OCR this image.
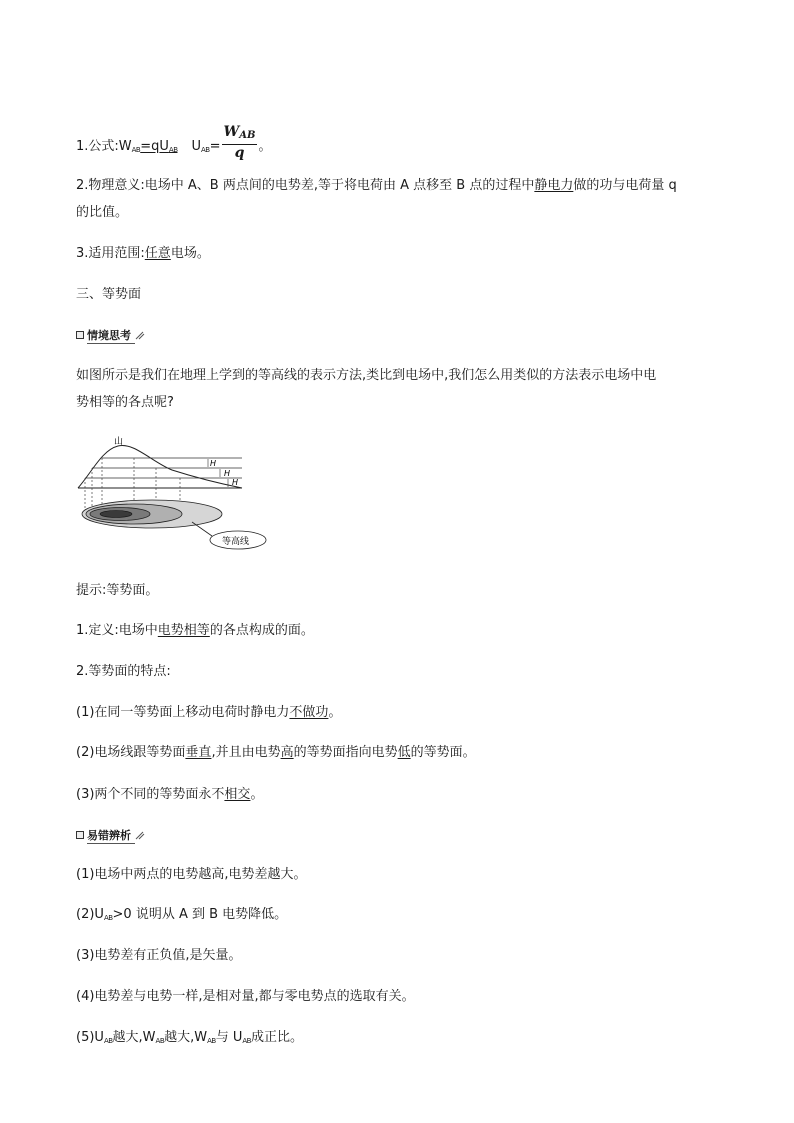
1.公式$:W_{AB}=qU_{AB}$ $U_{AB}= \frac{\text{WAB}}{q}$ 。
2.物理意义:电场中 A、B 两点间的电势差,等于将电荷由 A 点移至 B 点的过程中静电力做的功与电荷量 q
的比值。
3.适用范围:任意电场。
三、等势面
情境思考
如图所示是我们在地理上学到的等高线的表示方法,类比到电场中,我们怎么用类似的方法表示电场中电
势相等的各点呢?
H
H
H
山
等高线
提示:等势面。
1.定义:电场中电势相等的各点构成的面。
2.等势面的特点:
(1)在同一等势面上移动电荷时静电力不做功。
(2)电场线跟等势面垂直,并且由电势高的等势面指向电势低的等势面。
(3)两个不同的等势面永不相交。
易错辨析
(1)电场中两点的电势越高,电势差越大。
$(2)U_{AB}>0$ 说明从 A 到 B 电势降低。
(3)电势差有正负值,是矢量。
(4)电势差与电势一样,是相对量,都与零电势点的选取有关。
$(5)U_{AB}$越大$,W_{AB}$越大$,W_{AB}$与 $U_{AB}$成正比。
